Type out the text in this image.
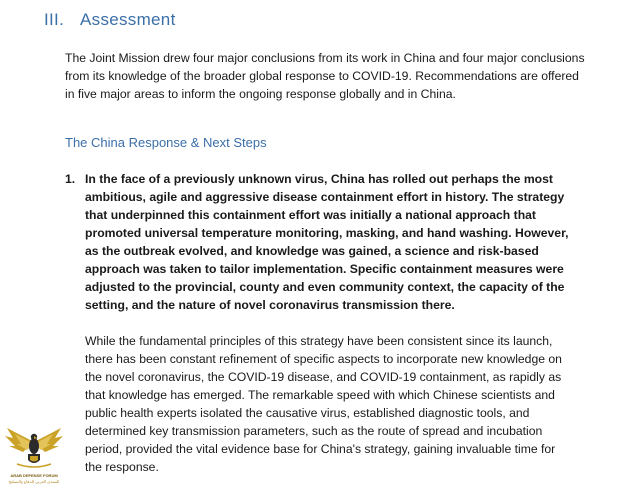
III. Assessment

The Joint Mission drew four major conclusions from its work in China and four major conclusions from its knowledge of the broader global response to COVID-19. Recommendations are offered in five major areas to inform the ongoing response globally and in China.

The China Response & Next Steps
1. In the face of a previously unknown virus, China has rolled out perhaps the most ambitious, agile and aggressive disease containment effort in history. The strategy that underpinned this containment effort was initially a national approach that promoted universal temperature monitoring, masking, and hand washing. However, as the outbreak evolved, and knowledge was gained, a science and risk-based approach was taken to tailor implementation. Specific containment measures were adjusted to the provincial, county and even community context, the capacity of the setting, and the nature of novel coronavirus transmission there.

While the fundamental principles of this strategy have been consistent since its launch, there has been constant refinement of specific aspects to incorporate new knowledge on the novel coronavirus, the COVID-19 disease, and COVID-19 containment, as rapidly as that knowledge has emerged. The remarkable speed with which Chinese scientists and public health experts isolated the causative virus, established diagnostic tools, and determined key transmission parameters, such as the route of spread and incubation period, provided the vital evidence base for China's strategy, gaining invaluable time for the response.

ARAB DEFENSE FORUM
المنتدى العربي للدفاع والتسليح
